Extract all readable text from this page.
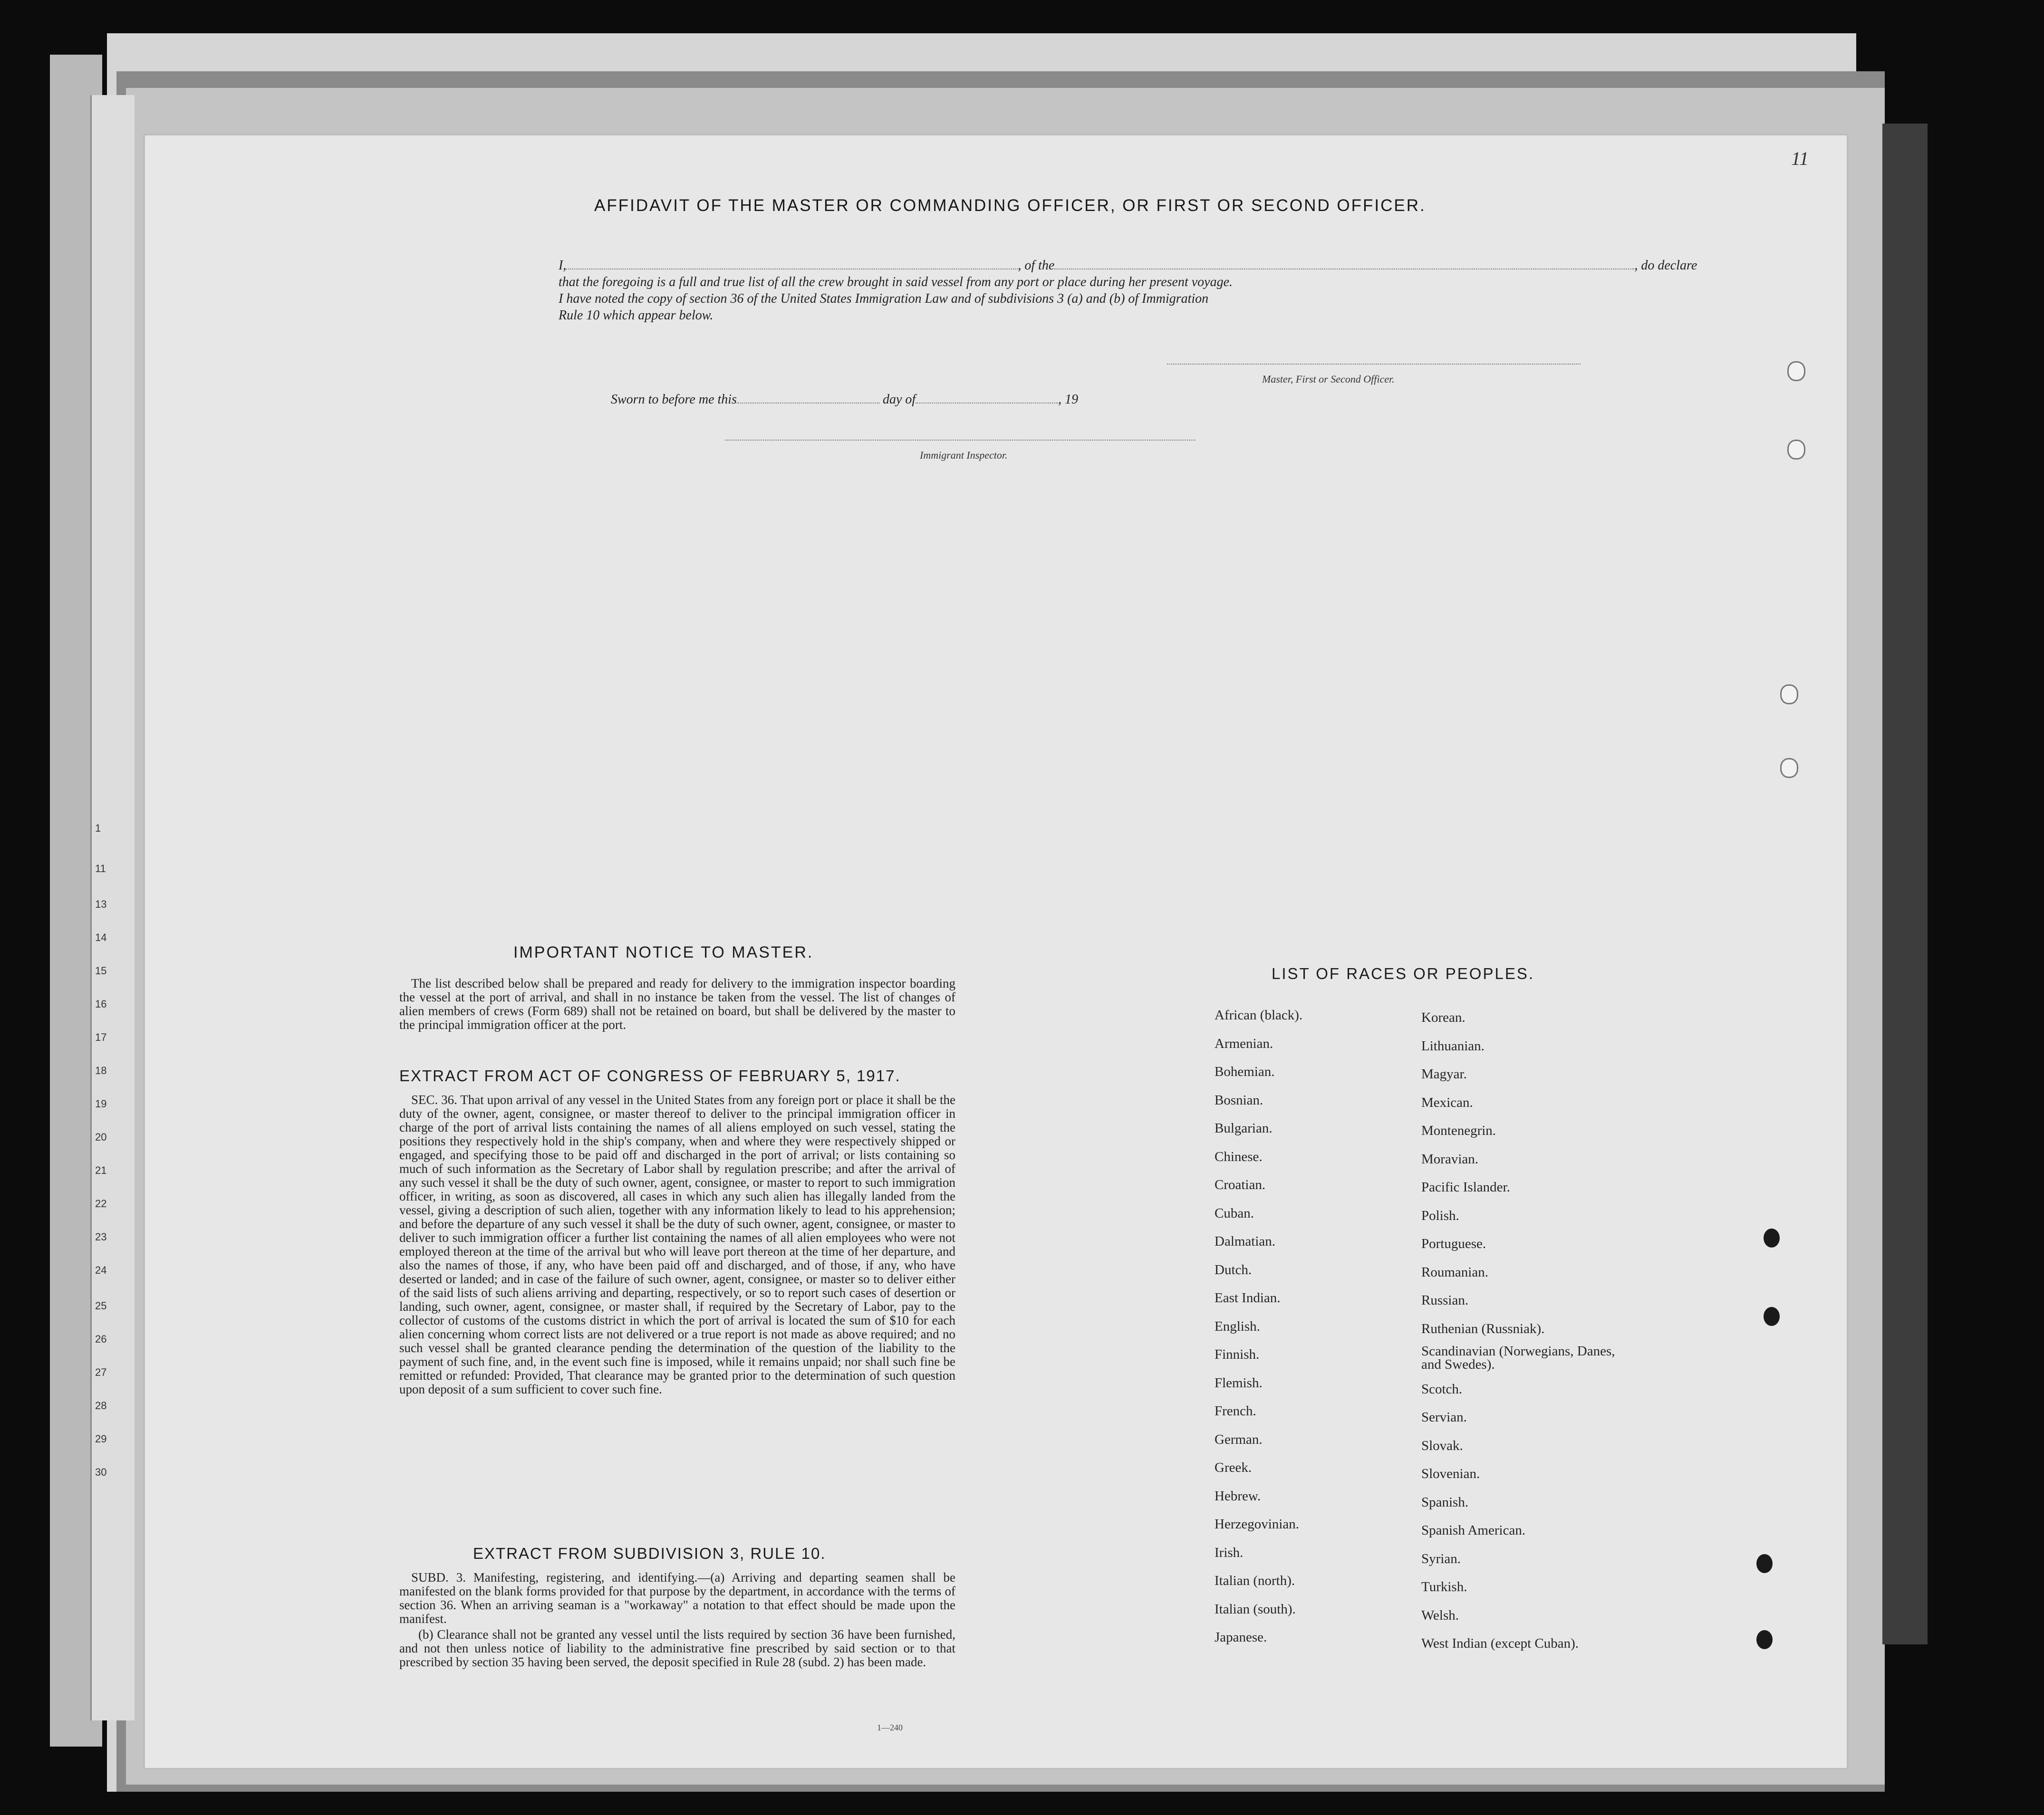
1
11
13
14
15
16
17
18
19
20
21
22
23
24
25
26
27
28
29
30
11
AFFIDAVIT OF THE MASTER OR COMMANDING OFFICER, OR FIRST OR SECOND OFFICER.
I,	, of the	, do declare
that the foregoing is a full and true list of all the crew brought in said vessel from any port or place during her present voyage.
I have noted the copy of section 36 of the United States Immigration Law and of subdivisions 3 (a) and (b) of Immigration
Rule 10 which appear below.
Master, First or Second Officer.
Sworn to before me this	day of	, 19
Immigrant Inspector.
IMPORTANT NOTICE TO MASTER.
The list described below shall be prepared and ready for delivery to the immigration inspector boarding the vessel at the port of arrival, and shall in no instance be taken from the vessel. The list of changes of alien members of crews (Form 689) shall not be retained on board, but shall be delivered by the master to the principal immigration officer at the port.
EXTRACT FROM ACT OF CONGRESS OF FEBRUARY 5, 1917.
SEC. 36. That upon arrival of any vessel in the United States from any foreign port or place it shall be the duty of the owner, agent, consignee, or master thereof to deliver to the principal immigration officer in charge of the port of arrival lists containing the names of all aliens employed on such vessel, stating the positions they respectively hold in the ship's company, when and where they were respectively shipped or engaged, and specifying those to be paid off and discharged in the port of arrival; or lists containing so much of such information as the Secretary of Labor shall by regulation prescribe; and after the arrival of any such vessel it shall be the duty of such owner, agent, consignee, or master to report to such immigration officer, in writing, as soon as discovered, all cases in which any such alien has illegally landed from the vessel, giving a description of such alien, together with any information likely to lead to his apprehension; and before the departure of any such vessel it shall be the duty of such owner, agent, consignee, or master to deliver to such immigration officer a further list containing the names of all alien employees who were not employed thereon at the time of the arrival but who will leave port thereon at the time of her departure, and also the names of those, if any, who have been paid off and discharged, and of those, if any, who have deserted or landed; and in case of the failure of such owner, agent, consignee, or master so to deliver either of the said lists of such aliens arriving and departing, respectively, or so to report such cases of desertion or landing, such owner, agent, consignee, or master shall, if required by the Secretary of Labor, pay to the collector of customs of the customs district in which the port of arrival is located the sum of $10 for each alien concerning whom correct lists are not delivered or a true report is not made as above required; and no such vessel shall be granted clearance pending the determination of the question of the liability to the payment of such fine, and, in the event such fine is imposed, while it remains unpaid; nor shall such fine be remitted or refunded: Provided, That clearance may be granted prior to the determination of such question upon deposit of a sum sufficient to cover such fine.
EXTRACT FROM SUBDIVISION 3, RULE 10.
SUBD. 3. Manifesting, registering, and identifying.—(a) Arriving and departing seamen shall be manifested on the blank forms provided for that purpose by the department, in accordance with the terms of section 36. When an arriving seaman is a "workaway" a notation to that effect should be made upon the manifest.
(b) Clearance shall not be granted any vessel until the lists required by section 36 have been furnished, and not then unless notice of liability to the administrative fine prescribed by said section or to that prescribed by section 35 having been served, the deposit specified in Rule 28 (subd. 2) has been made.
1—240
LIST OF RACES OR PEOPLES.
African (black).
Armenian.
Bohemian.
Bosnian.
Bulgarian.
Chinese.
Croatian.
Cuban.
Dalmatian.
Dutch.
East Indian.
English.
Finnish.
Flemish.
French.
German.
Greek.
Hebrew.
Herzegovinian.
Irish.
Italian (north).
Italian (south).
Japanese.
Korean.
Lithuanian.
Magyar.
Mexican.
Montenegrin.
Moravian.
Pacific Islander.
Polish.
Portuguese.
Roumanian.
Russian.
Ruthenian (Russniak).
Scandinavian (Norwegians, Danes, and Swedes).
Scotch.
Servian.
Slovak.
Slovenian.
Spanish.
Spanish American.
Syrian.
Turkish.
Welsh.
West Indian (except Cuban).
